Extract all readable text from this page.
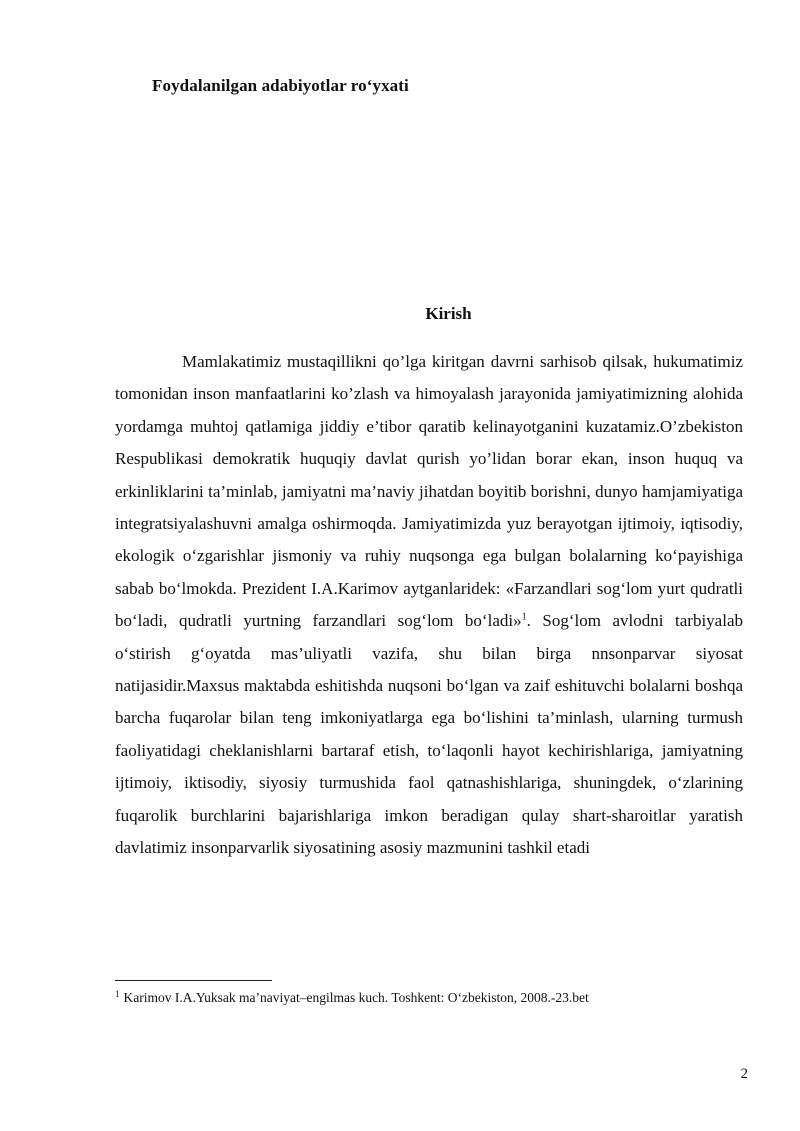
Foydalanilgan adabiyotlar ro‘yxati
Kirish

Mamlakatimiz mustaqillikni qo’lga kiritgan davrni sarhisob qilsak, hukumatimiz tomonidan inson manfaatlarini ko’zlash va himoyalash jarayonida jamiyatimizning alohida yordamga muhtoj qatlamiga jiddiy e’tibor qaratib kelinayotganini kuzatamiz.O’zbekiston Respublikasi demokratik huquqiy davlat qurish yo’lidan borar ekan, inson huquq va erkinliklarini ta’minlab, jamiyatni ma’naviy jihatdan boyitib borishni, dunyo hamjamiyatiga integratsiyalashuvni amalga oshirmoqda. Jamiyatimizda yuz berayotgan ijtimoiy, iqtisodiy, ekologik o‘zgarishlar jismoniy va ruhiy nuqsonga ega bulgan bolalarning ko‘payishiga sabab bo‘lmokda. Prezident I.A.Karimov aytganlaridek: «Farzandlari sog‘lom yurt qudratli bo‘ladi, qudratli yurtning farzandlari sog‘lom bo‘ladi»$^1$. Sog‘lom avlodni tarbiyalab o‘stirish g‘oyatda mas’uliyatli vazifa, shu bilan birga nnsonparvar siyosat natijasidir.Maxsus maktabda eshitishda nuqsoni bo‘lgan va zaif eshituvchi bolalarni boshqa barcha fuqarolar bilan teng imkoniyatlarga ega bo‘lishini ta’minlash, ularning turmush faoliyatidagi cheklanishlarni bartaraf etish, to‘laqonli hayot kechirishlariga, jamiyatning ijtimoiy, iktisodiy, siyosiy turmushida faol qatnashishlariga, shuningdek, o‘zlarining fuqarolik burchlarini bajarishlariga imkon beradigan qulay shart-sharoitlar yaratish davlatimiz insonparvarlik siyosatining asosiy mazmunini tashkil etadi

$^1$ Karimov I.A.Yuksak ma’naviyat–engilmas kuch. Toshkent: O‘zbekiston, 2008.-23.bet
2
